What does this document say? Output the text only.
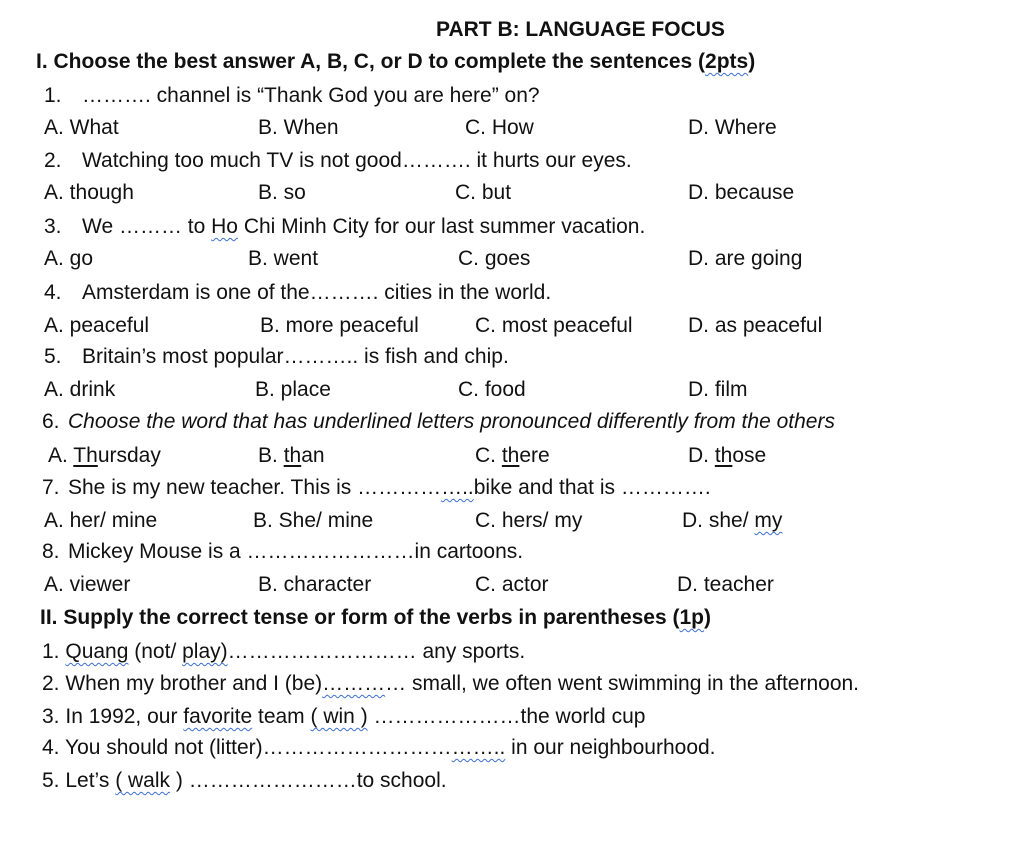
PART B: LANGUAGE FOCUS
I. Choose the best answer A, B, C, or D to complete the sentences (2pts)
1. ………. channel is “Thank God you are here” on?
A. What	B. When	C. How	D. Where
2. Watching too much TV is not good………. it hurts our eyes.
A. though	B. so	C. but	D. because
3. We ……… to Ho Chi Minh City for our last summer vacation.
A. go	B. went	C. goes	D. are going
4. Amsterdam is one of the………. cities in the world.
A. peaceful	B. more peaceful	C. most peaceful	D. as peaceful
5. Britain’s most popular……….. is fish and chip.
A. drink	B. place	C. food	D. film
6. Choose the word that has underlined letters pronounced differently from the others
A. Thursday	B. than	C. there	D. those
7. She is my new teacher. This is ……………..bike and that is ………….
A. her/ mine	B. She/ mine	C. hers/ my	D. she/ my
8. Mickey Mouse is a ……………………in cartoons.
A. viewer	B. character	C. actor	D. teacher
II. Supply the correct tense or form of the verbs in parentheses (1p)
1. Quang (not/ play)……………………… any sports.
2. When my brother and I (be)………… small, we often went swimming in the afternoon.
3. In 1992, our favorite team ( win ) …………………the world cup
4. You should not (litter)…………………………….. in our neighbourhood.
5. Let’s ( walk ) ……………………to school.
